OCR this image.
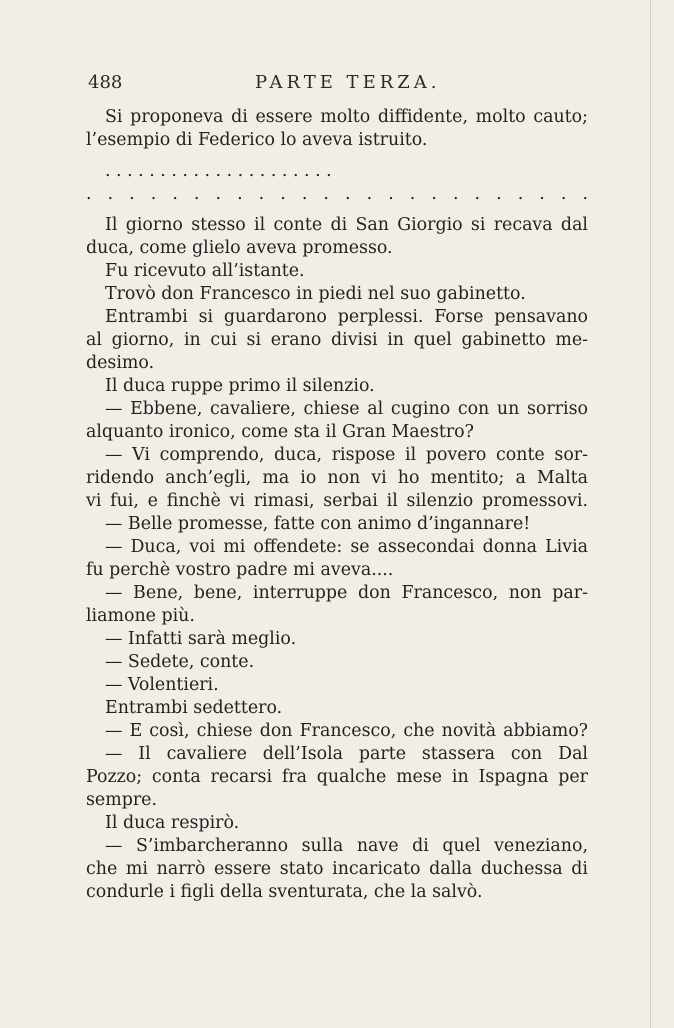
488	PARTE TERZA.
Si proponeva di essere molto diffidente, molto cauto;
l’esempio di Federico lo aveva istruito.
. . . . . . . . . . . . . . . . . . . . .
. . . . . . . . . . . . . . . . . . . . . . . .
Il giorno stesso il conte di San Giorgio si recava dal
duca, come glielo aveva promesso.
Fu ricevuto all’istante.
Trovò don Francesco in piedi nel suo gabinetto.
Entrambi si guardarono perplessi. Forse pensavano
al giorno, in cui si erano divisi in quel gabinetto me-
desimo.
Il duca ruppe primo il silenzio.
— Ebbene, cavaliere, chiese al cugino con un sorriso
alquanto ironico, come sta il Gran Maestro?
— Vi comprendo, duca, rispose il povero conte sor-
ridendo anch’egli, ma io non vi ho mentito; a Malta
vi fui, e finchè vi rimasi, serbai il silenzio promessovi.
— Belle promesse, fatte con animo d’ingannare!
— Duca, voi mi offendete: se assecondai donna Livia
fu perchè vostro padre mi aveva....
— Bene, bene, interruppe don Francesco, non par-
liamone più.
— Infatti sarà meglio.
— Sedete, conte.
— Volentieri.
Entrambi sedettero.
— E così, chiese don Francesco, che novità abbiamo?
— Il cavaliere dell’Isola parte stassera con Dal
Pozzo; conta recarsi fra qualche mese in Ispagna per
sempre.
Il duca respirò.
— S’imbarcheranno sulla nave di quel veneziano,
che mi narrò essere stato incaricato dalla duchessa di
condurle i figli della sventurata, che la salvò.
